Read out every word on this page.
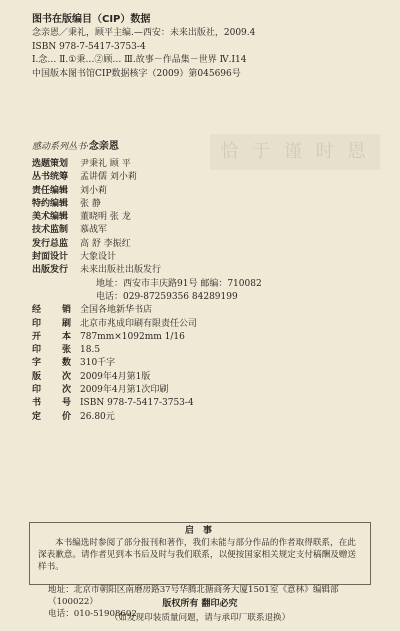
图书在版编目（CIP）数据
念亲恩／秉礼，顾平主编.—西安：未来出版社，2009.4
ISBN 978-7-5417-3753-4
Ⅰ.念… Ⅱ.①秉…②顾… Ⅲ.故事－作品集－世界 Ⅳ.I14
中国版本图书馆CIP数据核字（2009）第045696号
恰 于 谨 时 恩
感动系列丛书·念亲恩
选题策划	尹秉礼 顾 平
丛书统筹	孟讲儒 刘小莉
责任编辑	刘小莉
特约编辑	张 静
美术编辑	董晓明 张 龙
技术监制	慕战军
发行总监	高 舒 李振红
封面设计	大象设计
出版发行	未来出版社出版发行
地址：西安市丰庆路91号 邮编：710082
电话：029-87259356 84289199
经 销 全国各地新华书店
印 刷 北京市兆成印刷有限责任公司
开 本 787mm×1092mm 1/16
印 张 18.5
字 数 310千字
版 次 2009年4月第1版
印 次 2009年4月第1次印刷
书 号 ISBN 978-7-5417-3753-4
定 价 26.80元
启 事

本书编选时参阅了部分报刊和著作，我们未能与部分作品的作者取得联系，在此深表歉意。请作者见到本书后及时与我们联系，以便按国家相关规定支付稿酬及赠送样书。

地址：北京市朝阳区南磨房路37号华腾北搪商务大厦1501室《意林》编辑部（100022）

电话：010-51908602

版权所有 翻印必究
（如发现印装质量问题，请与承印厂联系退换）
